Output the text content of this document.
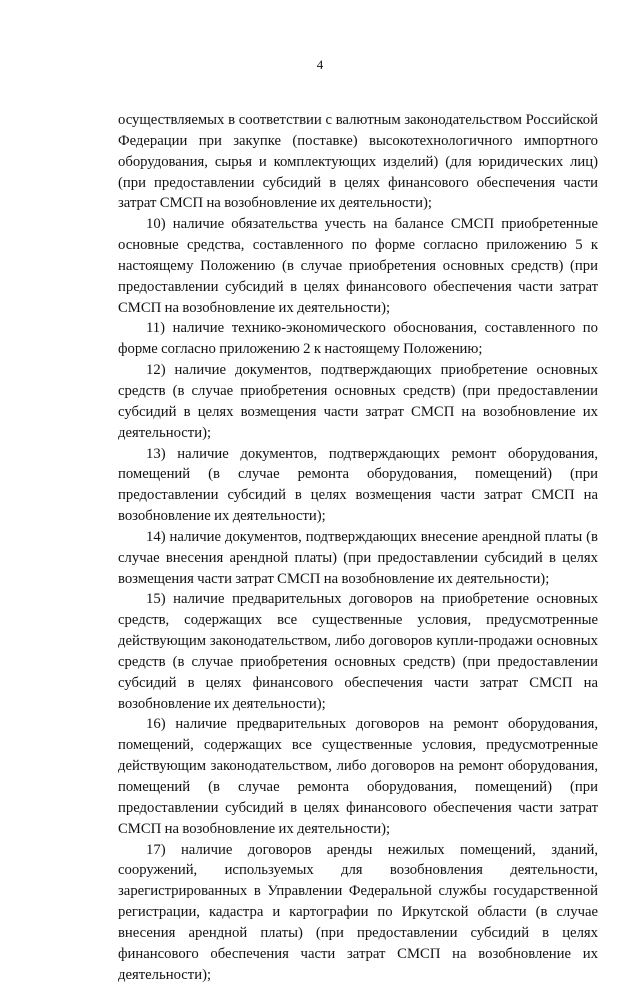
4

осуществляемых в соответствии с валютным законодательством Российской Федерации при закупке (поставке) высокотехнологичного импортного оборудования, сырья и комплектующих изделий) (для юридических лиц) (при предоставлении субсидий в целях финансового обеспечения части затрат СМСП на возобновление их деятельности);

10) наличие обязательства учесть на балансе СМСП приобретенные основные средства, составленного по форме согласно приложению 5 к настоящему Положению (в случае приобретения основных средств) (при предоставлении субсидий в целях финансового обеспечения части затрат СМСП на возобновление их деятельности);

11) наличие технико-экономического обоснования, составленного по форме согласно приложению 2 к настоящему Положению;

12) наличие документов, подтверждающих приобретение основных средств (в случае приобретения основных средств) (при предоставлении субсидий в целях возмещения части затрат СМСП на возобновление их деятельности);

13) наличие документов, подтверждающих ремонт оборудования, помещений (в случае ремонта оборудования, помещений) (при предоставлении субсидий в целях возмещения части затрат СМСП на возобновление их деятельности);

14) наличие документов, подтверждающих внесение арендной платы (в случае внесения арендной платы) (при предоставлении субсидий в целях возмещения части затрат СМСП на возобновление их деятельности);

15) наличие предварительных договоров на приобретение основных средств, содержащих все существенные условия, предусмотренные действующим законодательством, либо договоров купли-продажи основных средств (в случае приобретения основных средств) (при предоставлении субсидий в целях финансового обеспечения части затрат СМСП на возобновление их деятельности);

16) наличие предварительных договоров на ремонт оборудования, помещений, содержащих все существенные условия, предусмотренные действующим законодательством, либо договоров на ремонт оборудования, помещений (в случае ремонта оборудования, помещений) (при предоставлении субсидий в целях финансового обеспечения части затрат СМСП на возобновление их деятельности);

17) наличие договоров аренды нежилых помещений, зданий, сооружений, используемых для возобновления деятельности, зарегистрированных в Управлении Федеральной службы государственной регистрации, кадастра и картографии по Иркутской области (в случае внесения арендной платы) (при предоставлении субсидий в целях финансового обеспечения части затрат СМСП на возобновление их деятельности);
